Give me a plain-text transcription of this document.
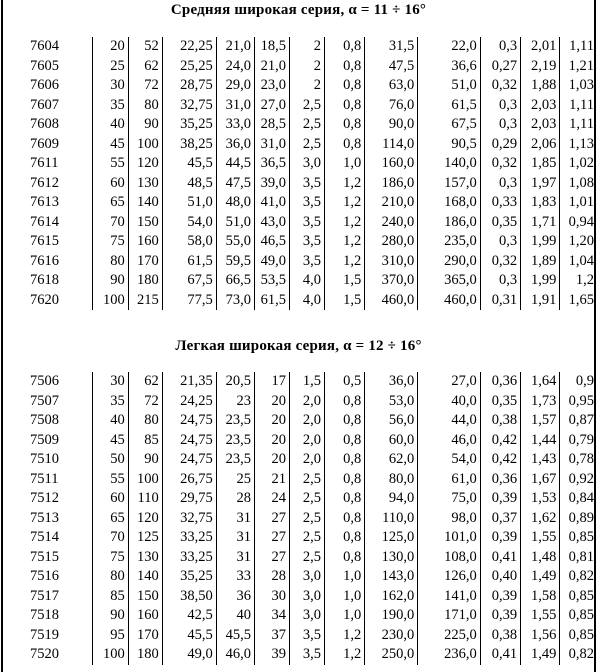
Средняя широкая серия, α = 11 ÷ 16°
7604	20	52	22,25	21,0	18,5	2	0,8	31,5	22,0	0,3	2,01	1,11
7605	25	62	25,25	24,0	21,0	2	0,8	47,5	36,6	0,27	2,19	1,21
7606	30	72	28,75	29,0	23,0	2	0,8	63,0	51,0	0,32	1,88	1,03
7607	35	80	32,75	31,0	27,0	2,5	0,8	76,0	61,5	0,3	2,03	1,11
7608	40	90	35,25	33,0	28,5	2,5	0,8	90,0	67,5	0,3	2,03	1,11
7609	45	100	38,25	36,0	31,0	2,5	0,8	114,0	90,5	0,29	2,06	1,13
7611	55	120	45,5	44,5	36,5	3,0	1,0	160,0	140,0	0,32	1,85	1,02
7612	60	130	48,5	47,5	39,0	3,5	1,2	186,0	157,0	0,3	1,97	1,08
7613	65	140	51,0	48,0	41,0	3,5	1,2	210,0	168,0	0,33	1,83	1,01
7614	70	150	54,0	51,0	43,0	3,5	1,2	240,0	186,0	0,35	1,71	0,94
7615	75	160	58,0	55,0	46,5	3,5	1,2	280,0	235,0	0,3	1,99	1,20
7616	80	170	61,5	59,5	49,0	3,5	1,2	310,0	290,0	0,32	1,89	1,04
7618	90	180	67,5	66,5	53,5	4,0	1,5	370,0	365,0	0,3	1,99	1,2
7620	100	215	77,5	73,0	61,5	4,0	1,5	460,0	460,0	0,31	1,91	1,65
Легкая широкая серия, α = 12 ÷ 16°
7506	30	62	21,35	20,5	17	1,5	0,5	36,0	27,0	0,36	1,64	0,9
7507	35	72	24,25	23	20	2,0	0,8	53,0	40,0	0,35	1,73	0,95
7508	40	80	24,75	23,5	20	2,0	0,8	56,0	44,0	0,38	1,57	0,87
7509	45	85	24,75	23,5	20	2,0	0,8	60,0	46,0	0,42	1,44	0,79
7510	50	90	24,75	23,5	20	2,0	0,8	62,0	54,0	0,42	1,43	0,78
7511	55	100	26,75	25	21	2,5	0,8	80,0	61,0	0,36	1,67	0,92
7512	60	110	29,75	28	24	2,5	0,8	94,0	75,0	0,39	1,53	0,84
7513	65	120	32,75	31	27	2,5	0,8	110,0	98,0	0,37	1,62	0,89
7514	70	125	33,25	31	27	2,5	0,8	125,0	101,0	0,39	1,55	0,85
7515	75	130	33,25	31	27	2,5	0,8	130,0	108,0	0,41	1,48	0,81
7516	80	140	35,25	33	28	3,0	1,0	143,0	126,0	0,40	1,49	0,82
7517	85	150	38,50	36	30	3,0	1,0	162,0	141,0	0,39	1,58	0,85
7518	90	160	42,5	40	34	3,0	1,0	190,0	171,0	0,39	1,55	0,85
7519	95	170	45,5	45,5	37	3,5	1,2	230,0	225,0	0,38	1,56	0,85
7520	100	180	49,0	46,0	39	3,5	1,2	250,0	236,0	0,41	1,49	0,82
